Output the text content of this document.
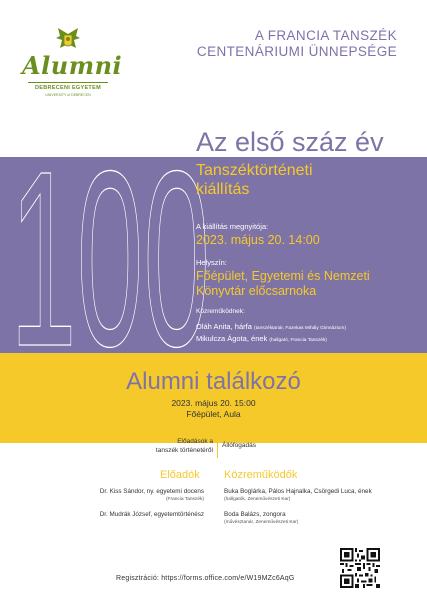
Alumni
DEBRECENI EGYETEM
UNIVERSITY of DEBRECEN
A FRANCIA TANSZÉK
CENTENÁRIUMI ÜNNEPSÉGE
100
Az első száz év
Tanszéktörténeti
kiállítás
A kiállítás megnyitója:
2023. május 20. 14:00
Helyszín:
Főépület, Egyetemi és Nemzeti
Könyvtár előcsarnoka
Közreműködnek:
Oláh Anita, hárfa (tanszéktanár, Fazekas Mihály Gimnázium)
Mikulcza Ágota, ének (hallgató, Francia Tanszék)
Alumni találkozó
2023. május 20. 15:00
Főépület, Aula
Előadások a
tanszék történetéről
Állófogadás
Előadók Közreműködők
Dr. Kiss Sándor, ny. egyetemi docens
(Francia Tanszék)
Dr. Mudrák József, egyetemtörténész
Buka Boglárka, Pálos Hajnalka, Csörgedi Luca, ének
(hallgatók, Zeneművészeti Kar)
Boda Balázs, zongora
(művésztanár, Zeneművészeti Kar)
Regisztráció: https://forms.office.com/e/W19MZc6AqG
